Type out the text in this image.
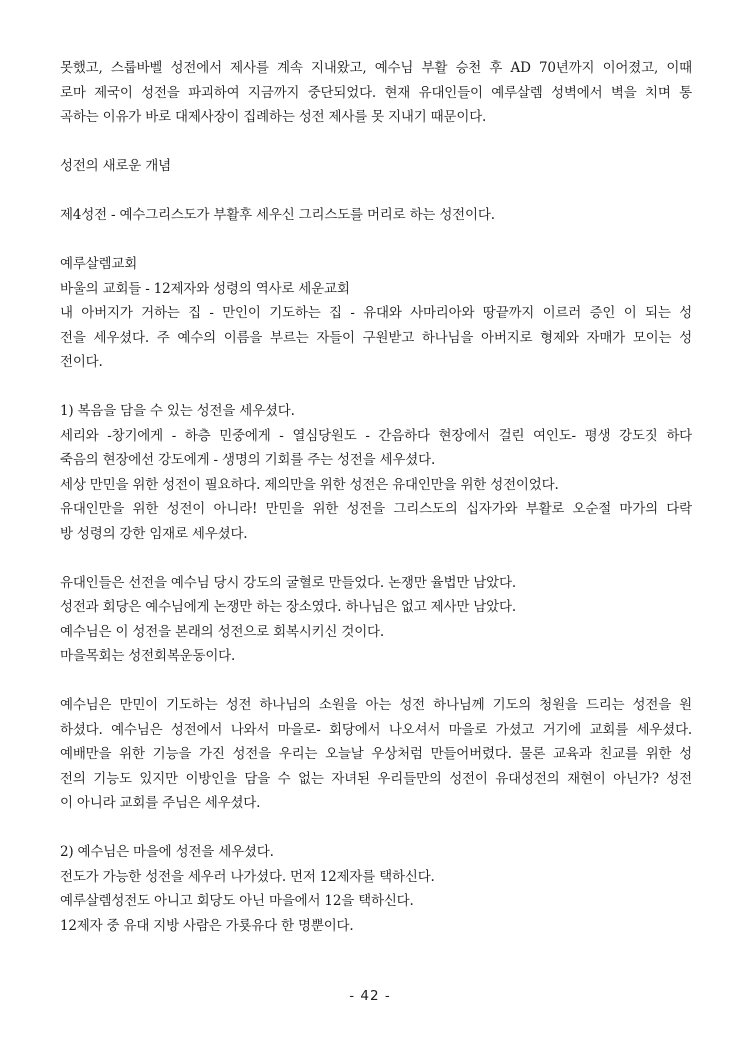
못했고, 스룹바벨 성전에서 제사를 계속 지내왔고, 예수님 부활 승천 후 AD 70년까지 이어졌고, 이때
로마 제국이 성전을 파괴하여 지금까지 중단되었다. 현재 유대인들이 예루살렘 성벽에서 벽을 치며 통
곡하는 이유가 바로 대제사장이 집례하는 성전 제사를 못 지내기 때문이다.
성전의 새로운 개념
제4성전 - 예수그리스도가 부활후 세우신 그리스도를 머리로 하는 성전이다.
예루살렘교회
바울의 교회들 - 12제자와 성령의 역사로 세운교회
내 아버지가 거하는 집 - 만인이 기도하는 집 - 유대와 사마리아와 땅끝까지 이르러 증인 이 되는 성
전을 세우셨다. 주 예수의 이름을 부르는 자들이 구원받고 하나님을 아버지로 형제와 자매가 모이는 성
전이다.
1) 복음을 담을 수 있는 성전을 세우셨다.
세리와 -창기에게 - 하층 민중에게 - 열심당원도 - 간음하다 현장에서 걸린 여인도- 평생 강도짓 하다
죽음의 현장에선 강도에게 - 생명의 기회를 주는 성전을 세우셨다.
세상 만민을 위한 성전이 필요하다. 제의만을 위한 성전은 유대인만을 위한 성전이었다.
유대인만을 위한 성전이 아니라! 만민을 위한 성전을 그리스도의 십자가와 부활로 오순절 마가의 다락
방 성령의 강한 임재로 세우셨다.
유대인들은 선전을 예수님 당시 강도의 굴혈로 만들었다. 논쟁만 율법만 남았다.
성전과 회당은 예수님에게 논쟁만 하는 장소였다. 하나님은 없고 제사만 남았다.
예수님은 이 성전을 본래의 성전으로 회복시키신 것이다.
마을목회는 성전회복운동이다.
예수님은 만민이 기도하는 성전 하나님의 소원을 아는 성전 하나님께 기도의 청원을 드리는 성전을 원
하셨다. 예수님은 성전에서 나와서 마을로- 회당에서 나오셔서 마을로 가셨고 거기에 교회를 세우셨다.
예배만을 위한 기능을 가진 성전을 우리는 오늘날 우상처럼 만들어버렸다. 물론 교육과 친교를 위한 성
전의 기능도 있지만 이방인을 담을 수 없는 자녀된 우리들만의 성전이 유대성전의 재현이 아닌가? 성전
이 아니라 교회를 주님은 세우셨다.
2) 예수님은 마을에 성전을 세우셨다.
전도가 가능한 성전을 세우러 나가셨다. 먼저 12제자를 택하신다.
예루살렘성전도 아니고 회당도 아닌 마을에서 12을 택하신다.
12제자 중 유대 지방 사람은 가룟유다 한 명뿐이다.
- 42 -
